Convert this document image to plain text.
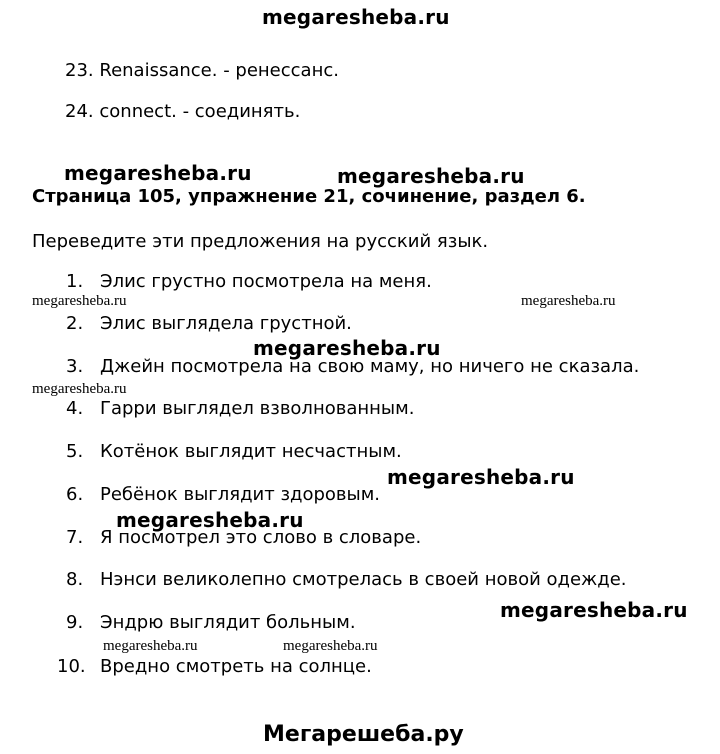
megaresheba.ru
23. Renaissance. - ренессанс.
24. connect. - соединять.
megaresheba.ru	megaresheba.ru
Страница 105, упражнение 21, сочинение, раздел 6.
Переведите эти предложения на русский язык.
1. Элис грустно посмотрела на меня.
2. Элис выглядела грустной.
3. Джейн посмотрела на свою маму, но ничего не сказала.
4. Гарри выглядел взволнованным.
5. Котёнок выглядит несчастным.
6. Ребёнок выглядит здоровым.
7. Я посмотрел это слово в словаре.
8. Нэнси великолепно смотрелась в своей новой одежде.
9. Эндрю выглядит больным.
10. Вредно смотреть на солнце.
megaresheba.ru	megaresheba.ru
megaresheba.ru
megaresheba.ru
megaresheba.ru
megaresheba.ru
megaresheba.ru
megaresheba.ru	megaresheba.ru
Мегарешеба.ру
